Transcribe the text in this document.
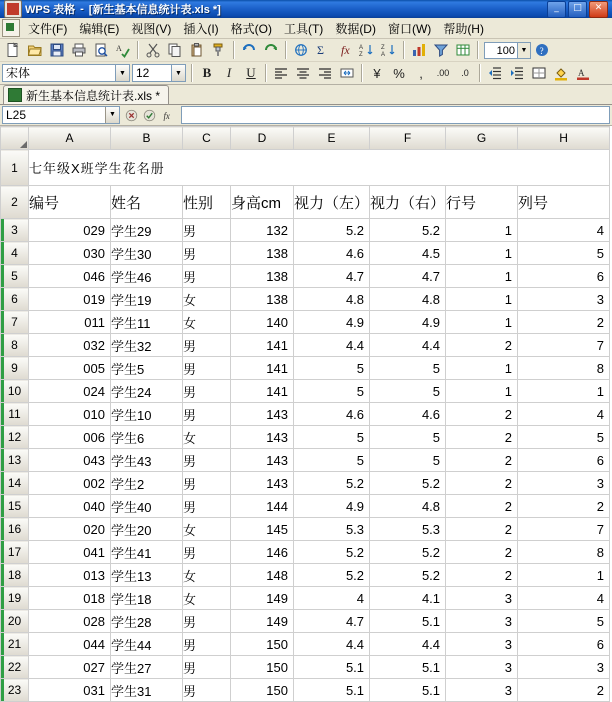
WPS 表格 - [新生基本信息统计表.xls *]	_	□	✕
文件(F)	编辑(E)	视图(V)	插入(I)	格式(O)	工具(T)	数据(D)	窗口(W)	帮助(H)
A	Σ fx A
Z
Z
A	100 ▼	?
宋体	▼ 12	▼	B	I	U	¥ %	,	.00	.0	A
新生基本信息统计表.xls *
L25	▼	fx
	A	B	C	D	E	F	G	H
1	七年级X班学生花名册							
2	编号	姓名	性别	身高cm	视力（左）	视力（右）	行号	列号
3	029	学生29	男	132	5.2	5.2	1	4
4	030	学生30	男	138	4.6	4.5	1	5
5	046	学生46	男	138	4.7	4.7	1	6
6	019	学生19	女	138	4.8	4.8	1	3
7	011	学生11	女	140	4.9	4.9	1	2
8	032	学生32	男	141	4.4	4.4	2	7
9	005	学生5	男	141	5	5	1	8
10	024	学生24	男	141	5	5	1	1
11	010	学生10	男	143	4.6	4.6	2	4
12	006	学生6	女	143	5	5	2	5
13	043	学生43	男	143	5	5	2	6
14	002	学生2	男	143	5.2	5.2	2	3
15	040	学生40	男	144	4.9	4.8	2	2
16	020	学生20	女	145	5.3	5.3	2	7
17	041	学生41	男	146	5.2	5.2	2	8
18	013	学生13	女	148	5.2	5.2	2	1
19	018	学生18	女	149	4	4.1	3	4
20	028	学生28	男	149	4.7	5.1	3	5
21	044	学生44	男	150	4.4	4.4	3	6
22	027	学生27	男	150	5.1	5.1	3	3
23	031	学生31	男	150	5.1	5.1	3	2
